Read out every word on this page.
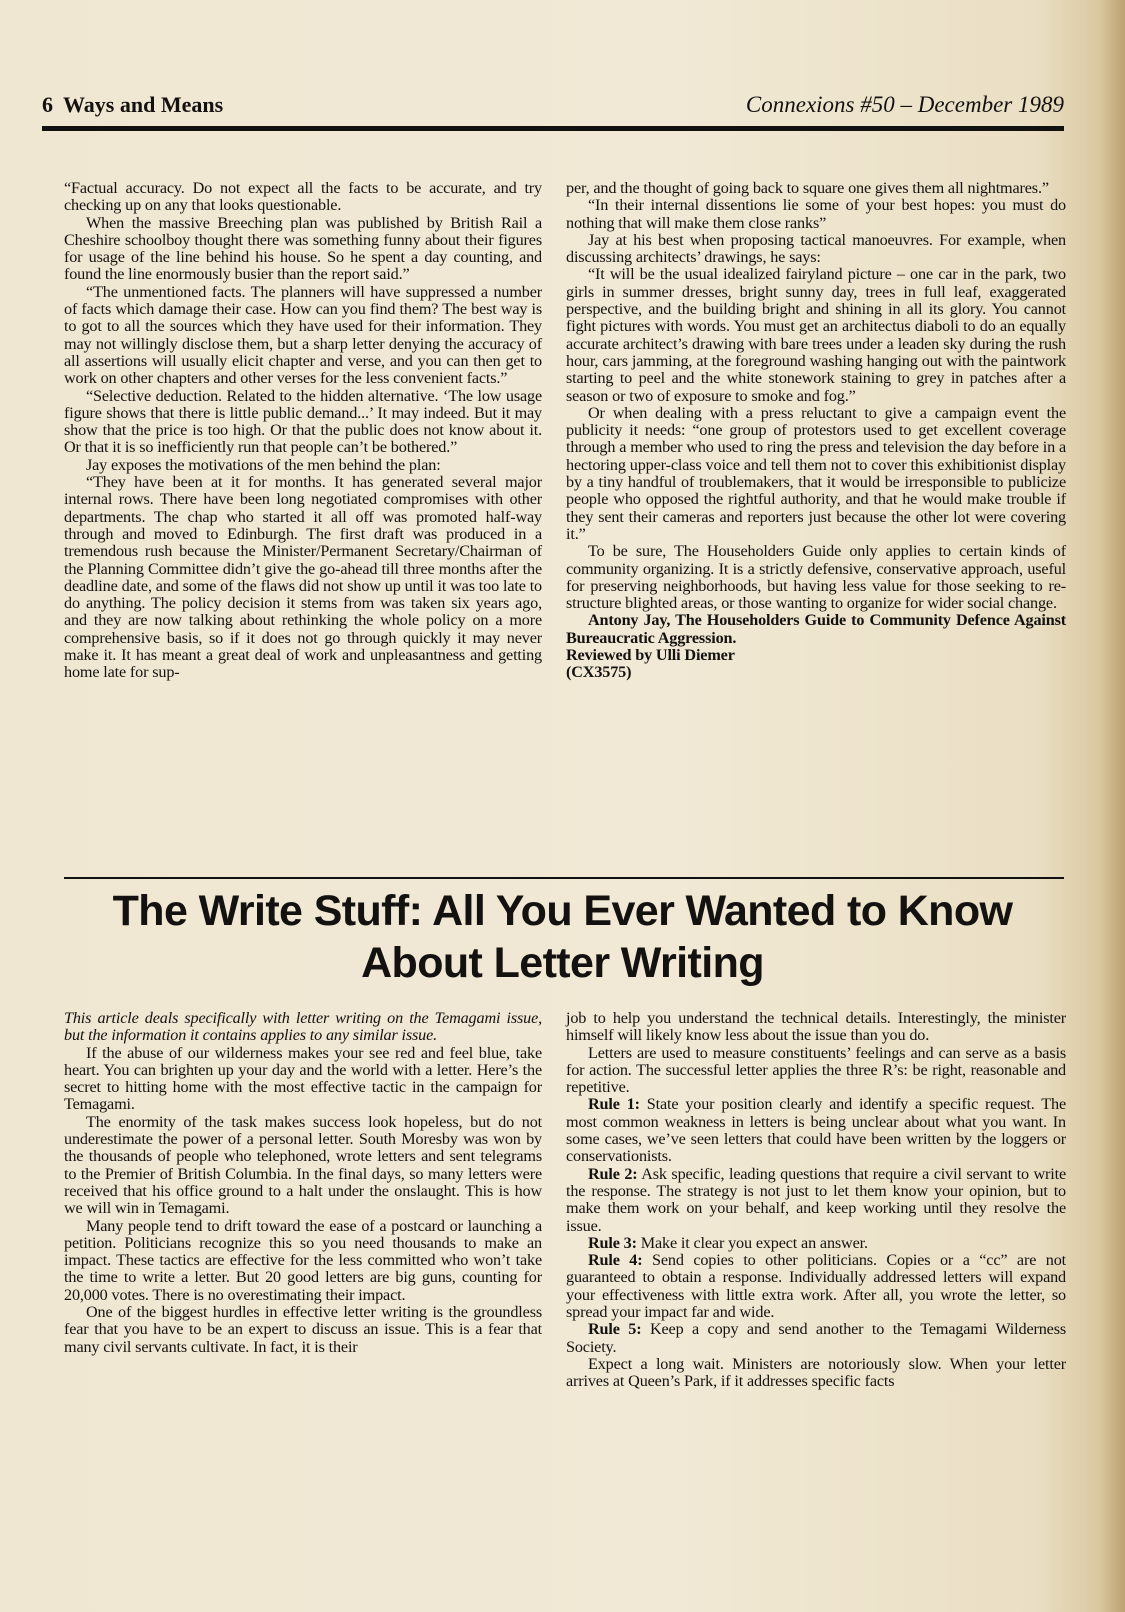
6 Ways and Means	Connexions #50 – December 1989

“Factual accuracy. Do not expect all the facts to be accurate, and try checking up on any that looks questionable.

When the massive Breeching plan was published by British Rail a Cheshire schoolboy thought there was something funny about their figures for usage of the line behind his house. So he spent a day counting, and found the line enormously busier than the report said.”

“The unmentioned facts. The planners will have suppressed a number of facts which damage their case. How can you find them? The best way is to got to all the sources which they have used for their information. They may not willingly disclose them, but a sharp letter denying the accuracy of all assertions will usually elicit chapter and verse, and you can then get to work on other chapters and other verses for the less convenient facts.”

“Selective deduction. Related to the hidden alternative. ‘The low usage figure shows that there is little public demand...’ It may indeed. But it may show that the price is too high. Or that the public does not know about it. Or that it is so inefficiently run that people can’t be bothered.”

Jay exposes the motivations of the men behind the plan:

“They have been at it for months. It has generated several major internal rows. There have been long negotiated compromises with other departments. The chap who started it all off was promoted half-way through and moved to Edinburgh. The first draft was produced in a tremendous rush because the Minister/Permanent Secretary/Chairman of the Planning Committee didn’t give the go-ahead till three months after the deadline date, and some of the flaws did not show up until it was too late to do anything. The policy decision it stems from was taken six years ago, and they are now talking about rethinking the whole policy on a more comprehensive basis, so if it does not go through quickly it may never make it. It has meant a great deal of work and unpleasantness and getting home late for sup-

per, and the thought of going back to square one gives them all nightmares.”

“In their internal dissentions lie some of your best hopes: you must do nothing that will make them close ranks”

Jay at his best when proposing tactical manoeuvres. For example, when discussing architects’ drawings, he says:

“It will be the usual idealized fairyland picture – one car in the park, two girls in summer dresses, bright sunny day, trees in full leaf, exaggerated perspective, and the building bright and shining in all its glory. You cannot fight pictures with words. You must get an architectus diaboli to do an equally accurate architect’s drawing with bare trees under a leaden sky during the rush hour, cars jamming, at the foreground washing hanging out with the paintwork starting to peel and the white stonework staining to grey in patches after a season or two of exposure to smoke and fog.”

Or when dealing with a press reluctant to give a campaign event the publicity it needs: “one group of protestors used to get excellent coverage through a member who used to ring the press and television the day before in a hectoring upper-class voice and tell them not to cover this exhibitionist display by a tiny handful of troublemakers, that it would be irresponsible to publicize people who opposed the rightful authority, and that he would make trouble if they sent their cameras and reporters just because the other lot were covering it.”

To be sure, The Householders Guide only applies to certain kinds of community organizing. It is a strictly defensive, conservative approach, useful for preserving neighborhoods, but having less value for those seeking to re-structure blighted areas, or those wanting to organize for wider social change.

Antony Jay, The Householders Guide to Community Defence Against Bureaucratic Aggression.

Reviewed by Ulli Diemer

(CX3575)

The Write Stuff: All You Ever Wanted to Know About Letter Writing

This article deals specifically with letter writing on the Temagami issue, but the information it contains applies to any similar issue.

If the abuse of our wilderness makes your see red and feel blue, take heart. You can brighten up your day and the world with a letter. Here’s the secret to hitting home with the most effective tactic in the campaign for Temagami.

The enormity of the task makes success look hopeless, but do not underestimate the power of a personal letter. South Moresby was won by the thousands of people who telephoned, wrote letters and sent telegrams to the Premier of British Columbia. In the final days, so many letters were received that his office ground to a halt under the onslaught. This is how we will win in Temagami.

Many people tend to drift toward the ease of a postcard or launching a petition. Politicians recognize this so you need thousands to make an impact. These tactics are effective for the less committed who won’t take the time to write a letter. But 20 good letters are big guns, counting for 20,000 votes. There is no overestimating their impact.

One of the biggest hurdles in effective letter writing is the groundless fear that you have to be an expert to discuss an issue. This is a fear that many civil servants cultivate. In fact, it is their

job to help you understand the technical details. Interestingly, the minister himself will likely know less about the issue than you do.

Letters are used to measure constituents’ feelings and can serve as a basis for action. The successful letter applies the three R’s: be right, reasonable and repetitive.

Rule 1: State your position clearly and identify a specific request. The most common weakness in letters is being unclear about what you want. In some cases, we’ve seen letters that could have been written by the loggers or conservationists.

Rule 2: Ask specific, leading questions that require a civil servant to write the response. The strategy is not just to let them know your opinion, but to make them work on your behalf, and keep working until they resolve the issue.

Rule 3: Make it clear you expect an answer.

Rule 4: Send copies to other politicians. Copies or a “cc” are not guaranteed to obtain a response. Individually addressed letters will expand your effectiveness with little extra work. After all, you wrote the letter, so spread your impact far and wide.

Rule 5: Keep a copy and send another to the Temagami Wilderness Society.

Expect a long wait. Ministers are notoriously slow. When your letter arrives at Queen’s Park, if it addresses specific facts
